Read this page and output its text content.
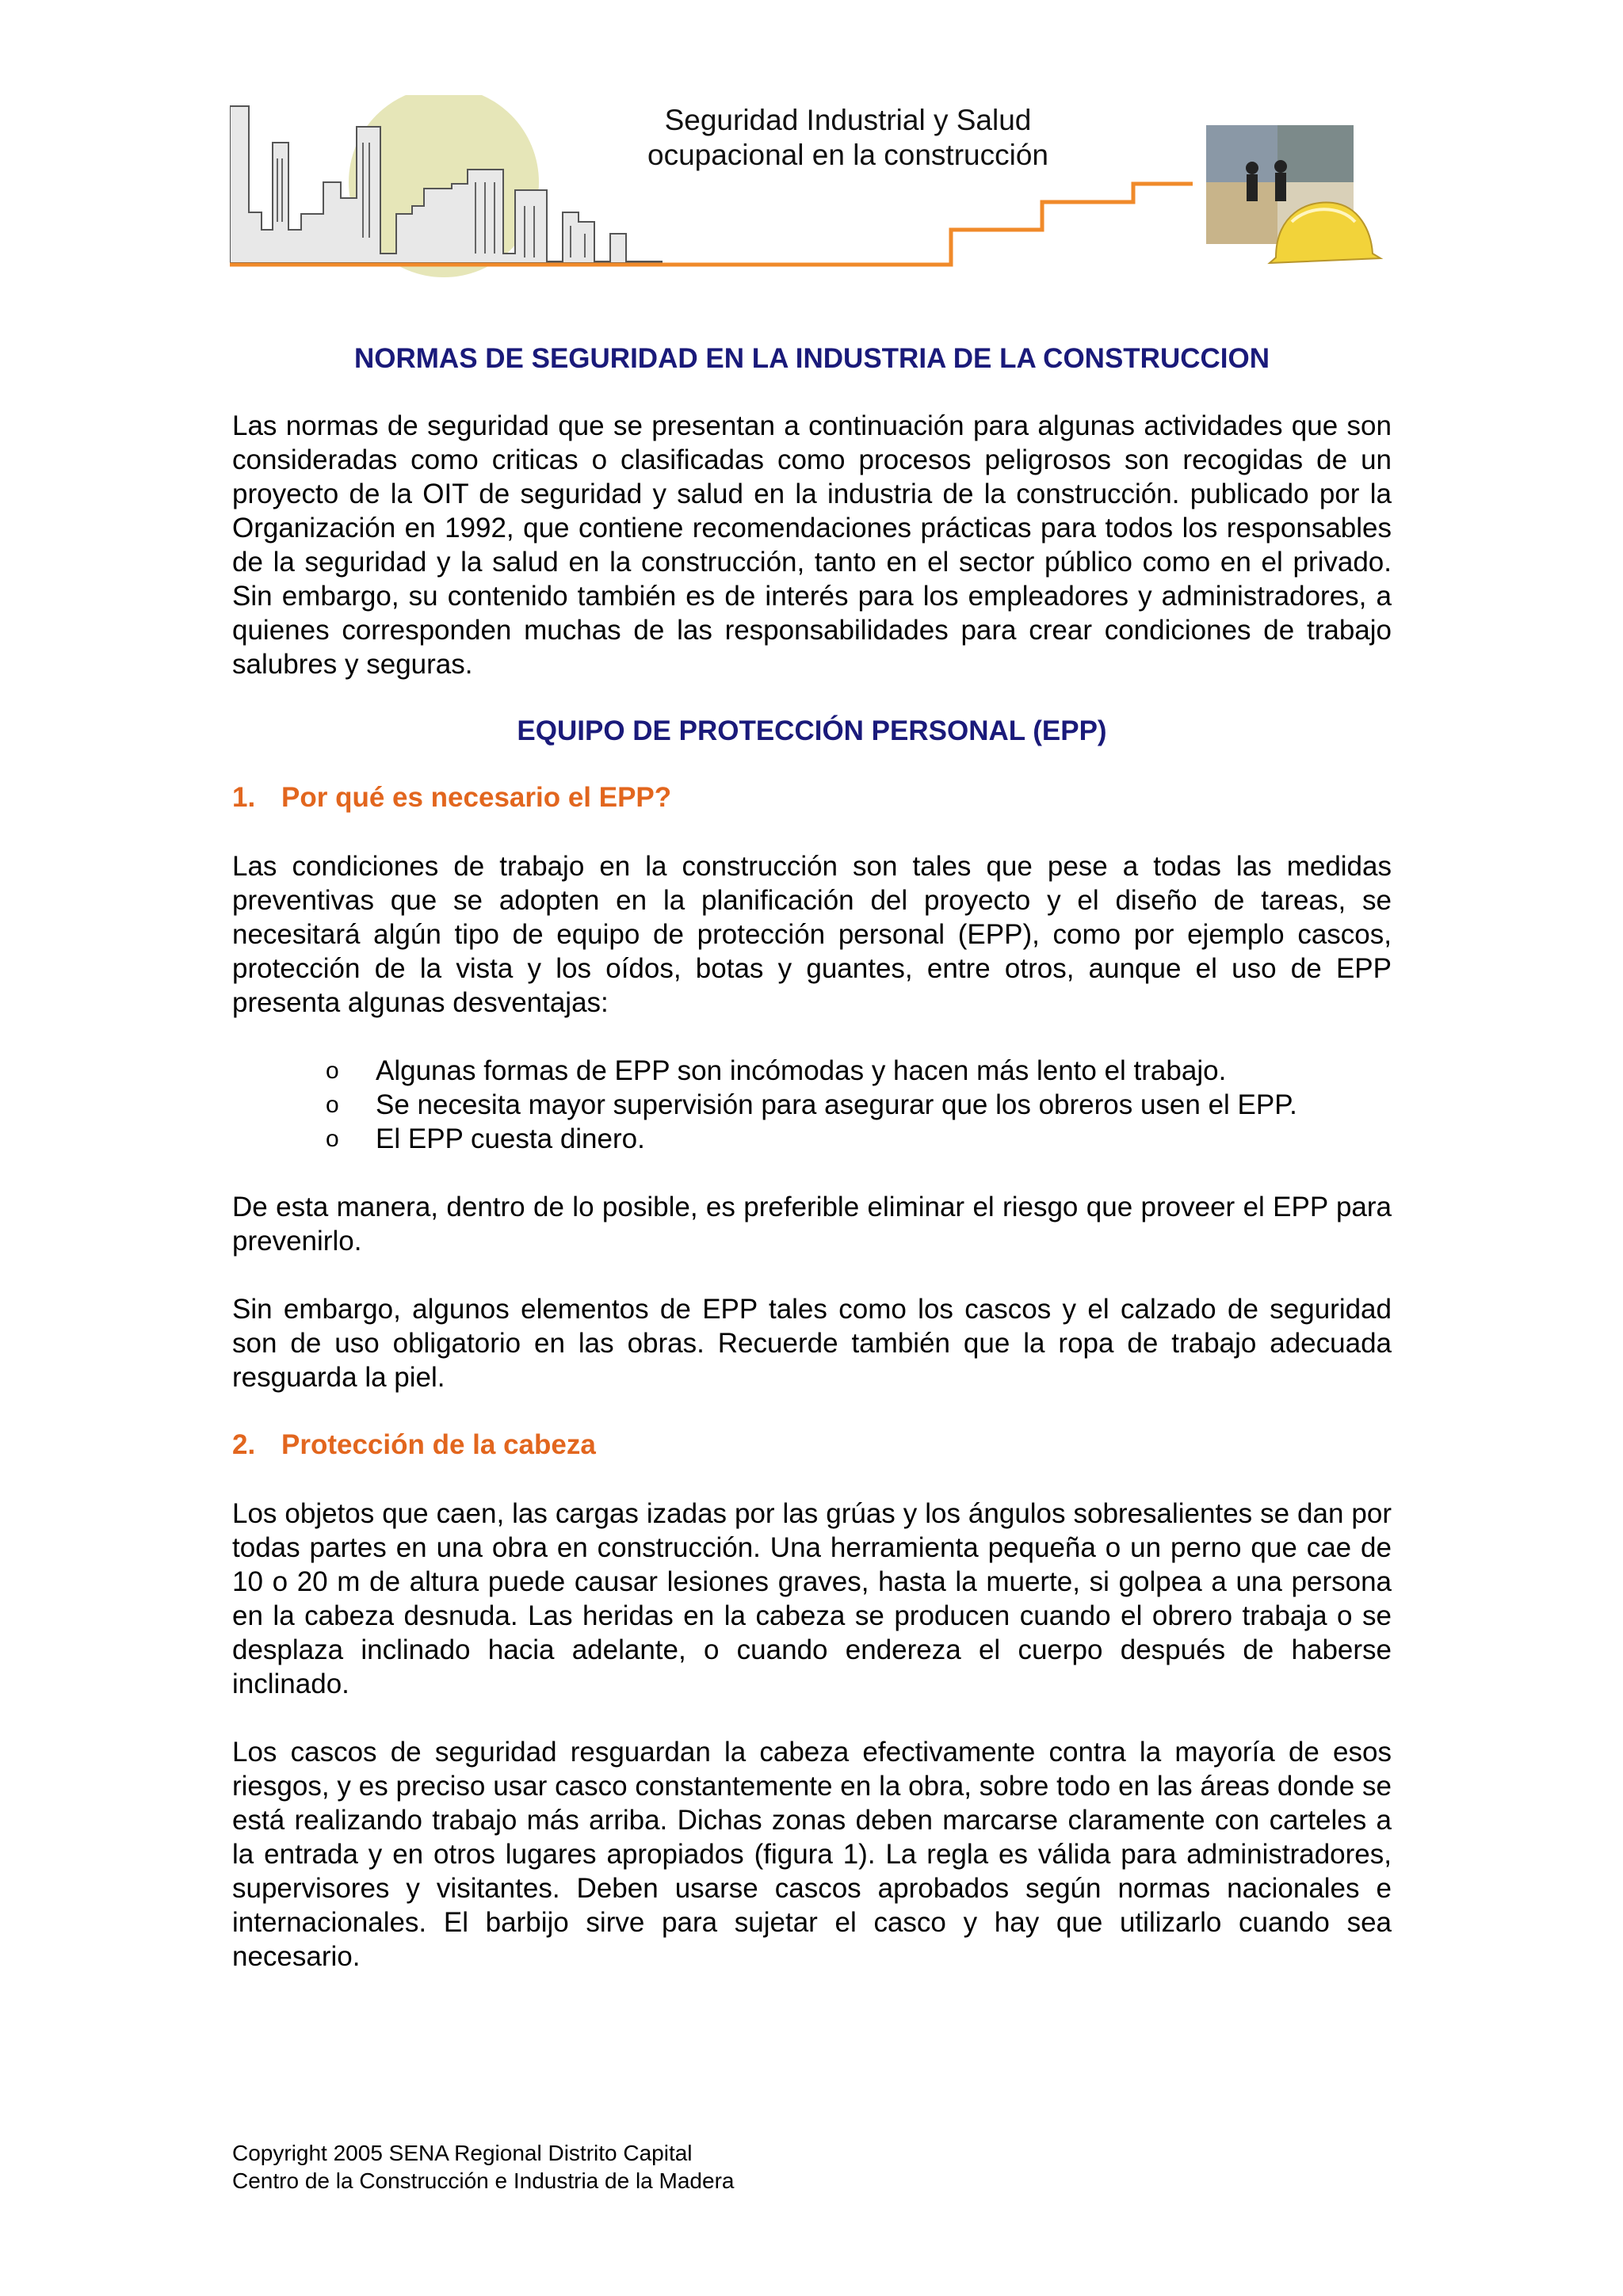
Seguridad Industrial y Salud
ocupacional en la construcción
NORMAS DE SEGURIDAD EN LA INDUSTRIA DE LA CONSTRUCCION

Las normas de seguridad que se presentan a continuación para algunas actividades que son consideradas como criticas o clasificadas como procesos peligrosos son recogidas de un proyecto de la OIT de seguridad y salud en la industria de la construcción. publicado por la Organización en 1992, que contiene recomendaciones prácticas para todos los responsables de la seguridad y la salud en la construcción, tanto en el sector público como en el privado. Sin embargo, su contenido también es de interés para los empleadores y administradores, a quienes corresponden muchas de las responsabilidades para crear condiciones de trabajo salubres y seguras.

EQUIPO DE PROTECCIÓN PERSONAL (EPP)
1. Por qué es necesario el EPP?

Las condiciones de trabajo en la construcción son tales que pese a todas las medidas preventivas que se adopten en la planificación del proyecto y el diseño de tareas, se necesitará algún tipo de equipo de protección personal (EPP), como por ejemplo cascos, protección de la vista y los oídos, botas y guantes, entre otros, aunque el uso de EPP presenta algunas desventajas:

o	Algunas formas de EPP son incómodas y hacen más lento el trabajo.
o	Se necesita mayor supervisión para asegurar que los obreros usen el EPP.
o	El EPP cuesta dinero.

De esta manera, dentro de lo posible, es preferible eliminar el riesgo que proveer el EPP para prevenirlo.

Sin embargo, algunos elementos de EPP tales como los cascos y el calzado de seguridad son de uso obligatorio en las obras. Recuerde también que la ropa de trabajo adecuada resguarda la piel.

2. Protección de la cabeza

Los objetos que caen, las cargas izadas por las grúas y los ángulos sobresalientes se dan por todas partes en una obra en construcción. Una herramienta pequeña o un perno que cae de 10 o 20 m de altura puede causar lesiones graves, hasta la muerte, si golpea a una persona en la cabeza desnuda. Las heridas en la cabeza se producen cuando el obrero trabaja o se desplaza inclinado hacia adelante, o cuando endereza el cuerpo después de haberse inclinado.

Los cascos de seguridad resguardan la cabeza efectivamente contra la mayoría de esos riesgos, y es preciso usar casco constantemente en la obra, sobre todo en las áreas donde se está realizando trabajo más arriba. Dichas zonas deben marcarse claramente con carteles a la entrada y en otros lugares apropiados (figura 1). La regla es válida para administradores, supervisores y visitantes. Deben usarse cascos aprobados según normas nacionales e internacionales. El barbijo sirve para sujetar el casco y hay que utilizarlo cuando sea necesario.

Copyright 2005 SENA Regional Distrito Capital
Centro de la Construcción e Industria de la Madera
